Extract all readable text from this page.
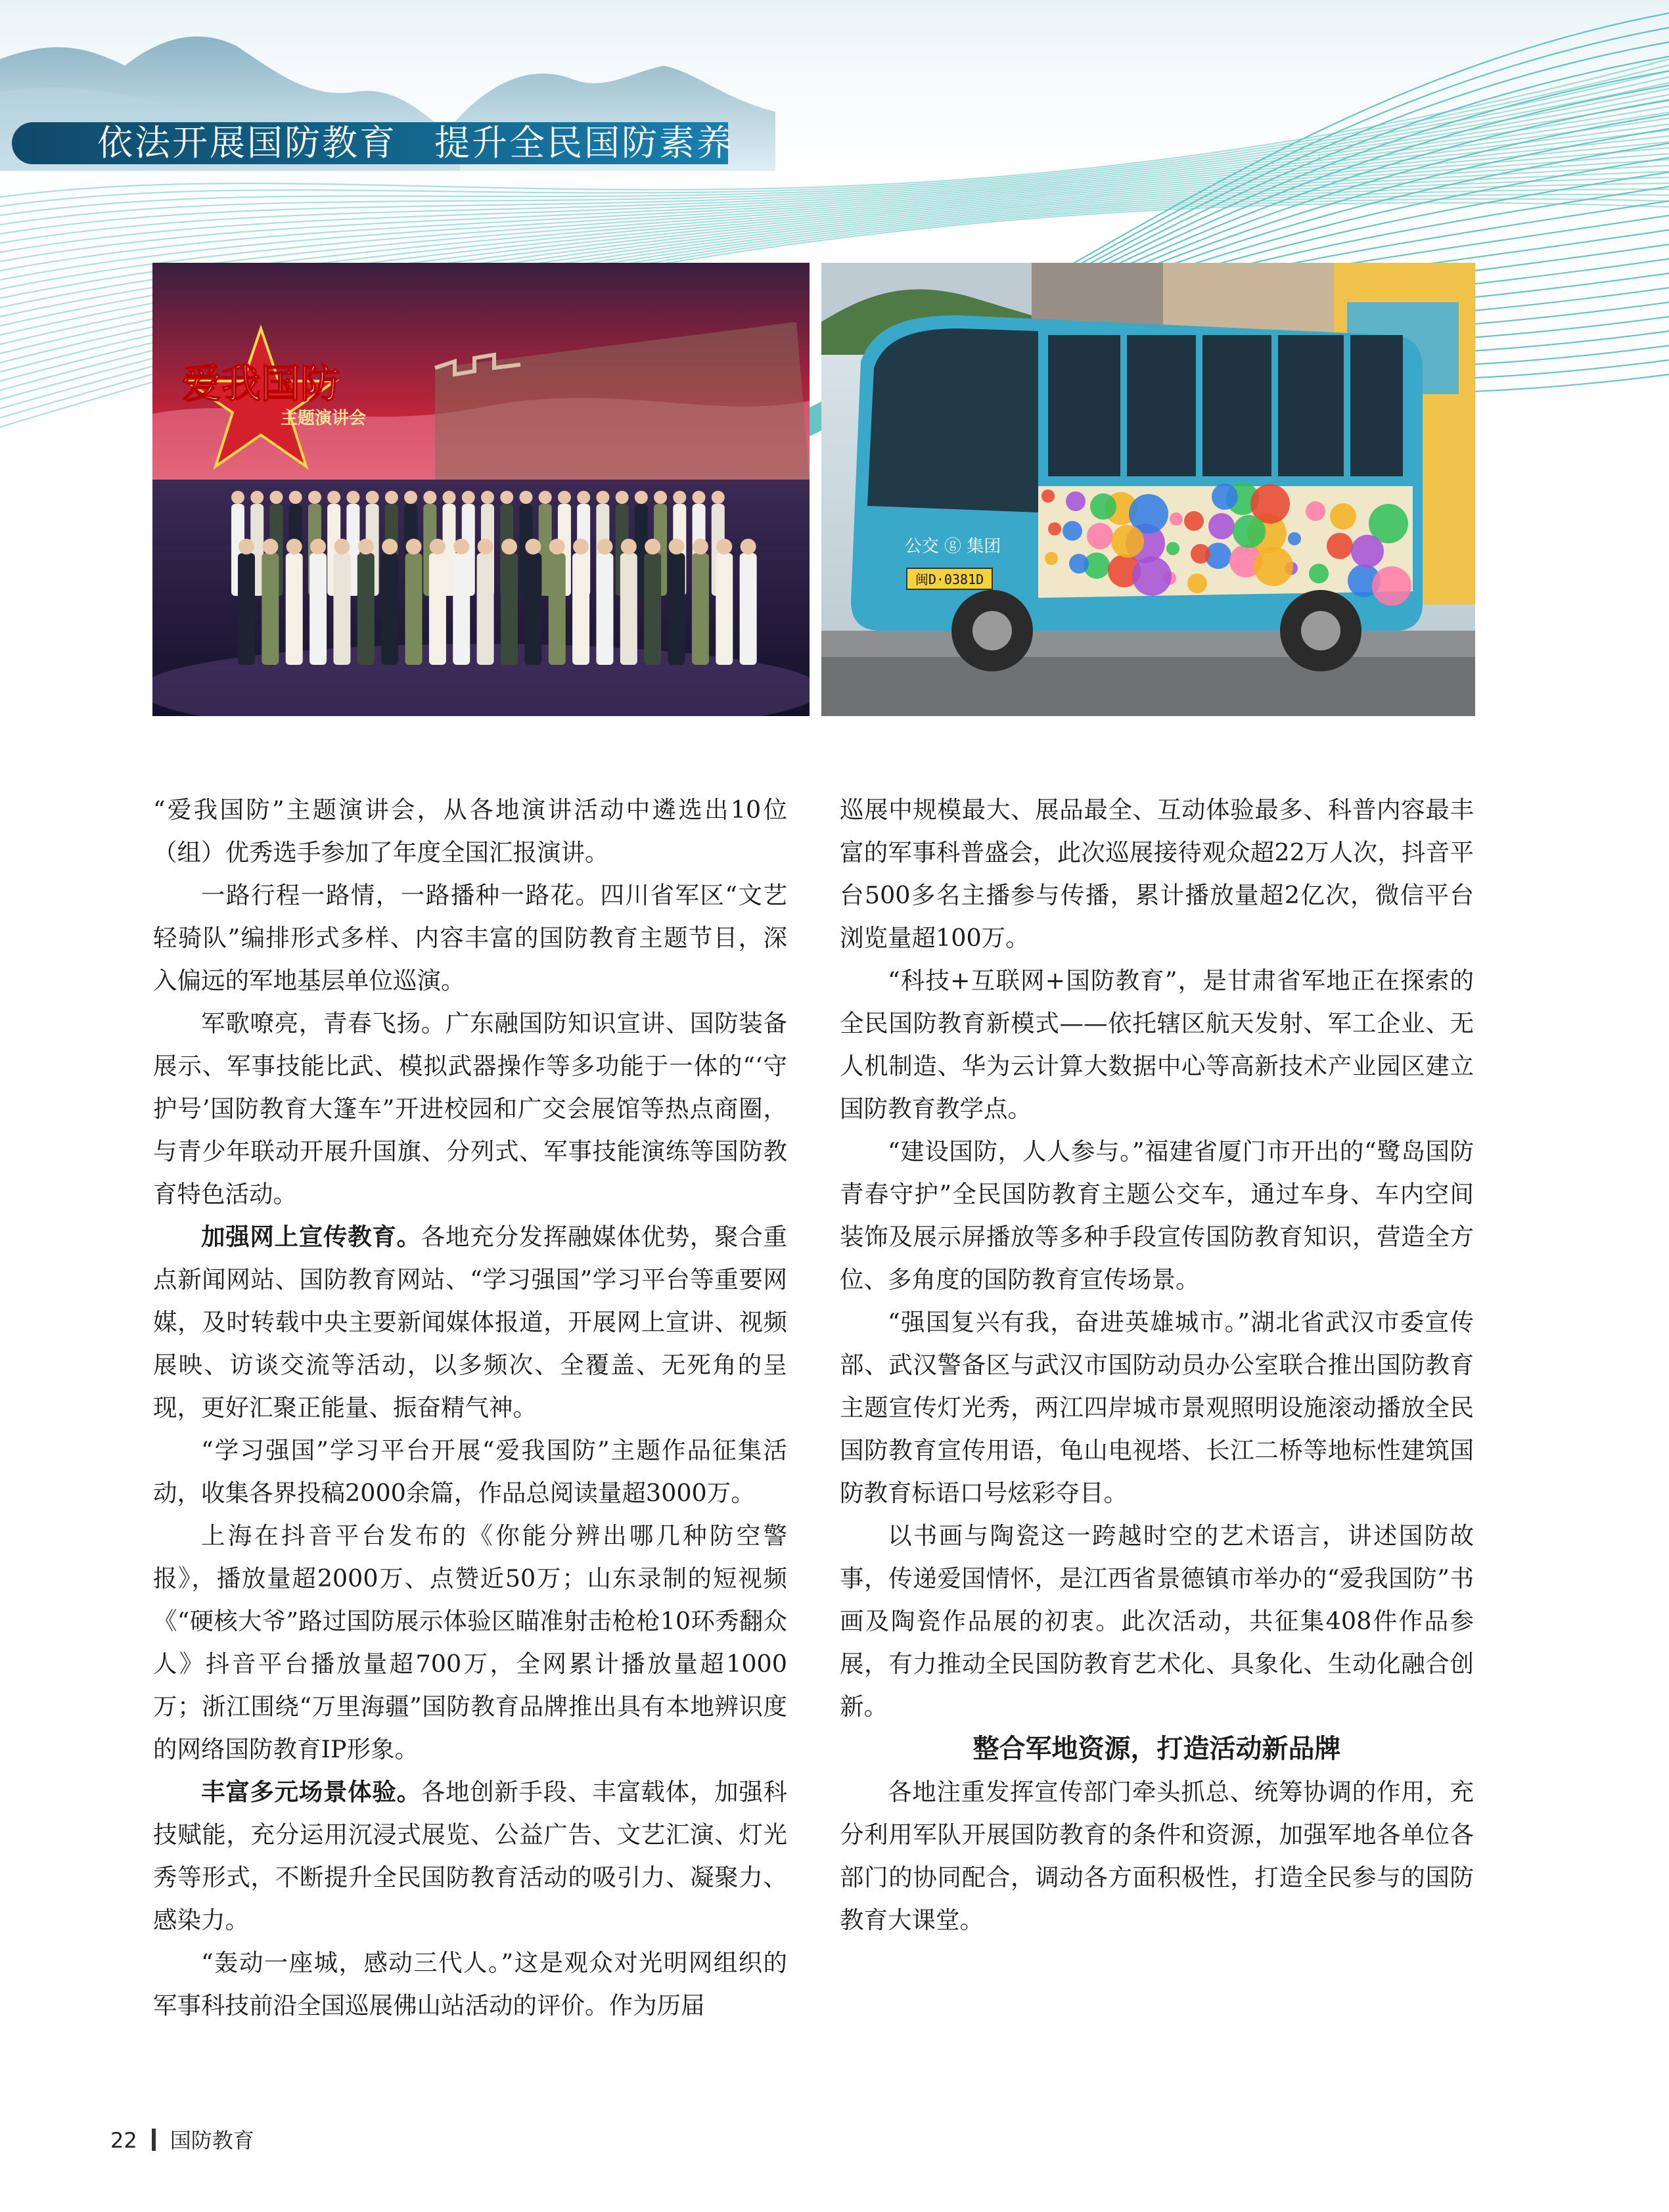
依法开展国防教育　提升全民国防素养
爱我国防
主题演讲会
公交 ⓖ 集团
闽D·0381D

“爱我国防”主题演讲会，从各地演讲活动中遴选出10位（组）优秀选手参加了年度全国汇报演讲。

一路行程一路情，一路播种一路花。四川省军区“文艺轻骑队”编排形式多样、内容丰富的国防教育主题节目，深入偏远的军地基层单位巡演。

军歌嘹亮，青春飞扬。广东融国防知识宣讲、国防装备展示、军事技能比武、模拟武器操作等多功能于一体的“‘守护号’国防教育大篷车”开进校园和广交会展馆等热点商圈，与青少年联动开展升国旗、分列式、军事技能演练等国防教育特色活动。

加强网上宣传教育。各地充分发挥融媒体优势，聚合重点新闻网站、国防教育网站、“学习强国”学习平台等重要网媒，及时转载中央主要新闻媒体报道，开展网上宣讲、视频展映、访谈交流等活动，以多频次、全覆盖、无死角的呈现，更好汇聚正能量、振奋精气神。

“学习强国”学习平台开展“爱我国防”主题作品征集活动，收集各界投稿2000余篇，作品总阅读量超3000万。

上海在抖音平台发布的《你能分辨出哪几种防空警报》，播放量超2000万、点赞近50万；山东录制的短视频《“硬核大爷”路过国防展示体验区瞄准射击枪枪10环秀翻众人》抖音平台播放量超700万，全网累计播放量超1000万；浙江围绕“万里海疆”国防教育品牌推出具有本地辨识度的网络国防教育IP形象。

丰富多元场景体验。各地创新手段、丰富载体，加强科技赋能，充分运用沉浸式展览、公益广告、文艺汇演、灯光秀等形式，不断提升全民国防教育活动的吸引力、凝聚力、感染力。

“轰动一座城，感动三代人。”这是观众对光明网组织的军事科技前沿全国巡展佛山站活动的评价。作为历届

巡展中规模最大、展品最全、互动体验最多、科普内容最丰富的军事科普盛会，此次巡展接待观众超22万人次，抖音平台500多名主播参与传播，累计播放量超2亿次，微信平台浏览量超100万。

“科技+互联网+国防教育”，是甘肃省军地正在探索的全民国防教育新模式——依托辖区航天发射、军工企业、无人机制造、华为云计算大数据中心等高新技术产业园区建立国防教育教学点。

“建设国防，人人参与。”福建省厦门市开出的“鹭岛国防 青春守护”全民国防教育主题公交车，通过车身、车内空间装饰及展示屏播放等多种手段宣传国防教育知识，营造全方位、多角度的国防教育宣传场景。

“强国复兴有我，奋进英雄城市。”湖北省武汉市委宣传部、武汉警备区与武汉市国防动员办公室联合推出国防教育主题宣传灯光秀，两江四岸城市景观照明设施滚动播放全民国防教育宣传用语，龟山电视塔、长江二桥等地标性建筑国防教育标语口号炫彩夺目。

以书画与陶瓷这一跨越时空的艺术语言，讲述国防故事，传递爱国情怀，是江西省景德镇市举办的“爱我国防”书画及陶瓷作品展的初衷。此次活动，共征集408件作品参展，有力推动全民国防教育艺术化、具象化、生动化融合创新。

整合军地资源，打造活动新品牌

各地注重发挥宣传部门牵头抓总、统筹协调的作用，充分利用军队开展国防教育的条件和资源，加强军地各单位各部门的协同配合，调动各方面积极性，打造全民参与的国防教育大课堂。

22 国防教育
